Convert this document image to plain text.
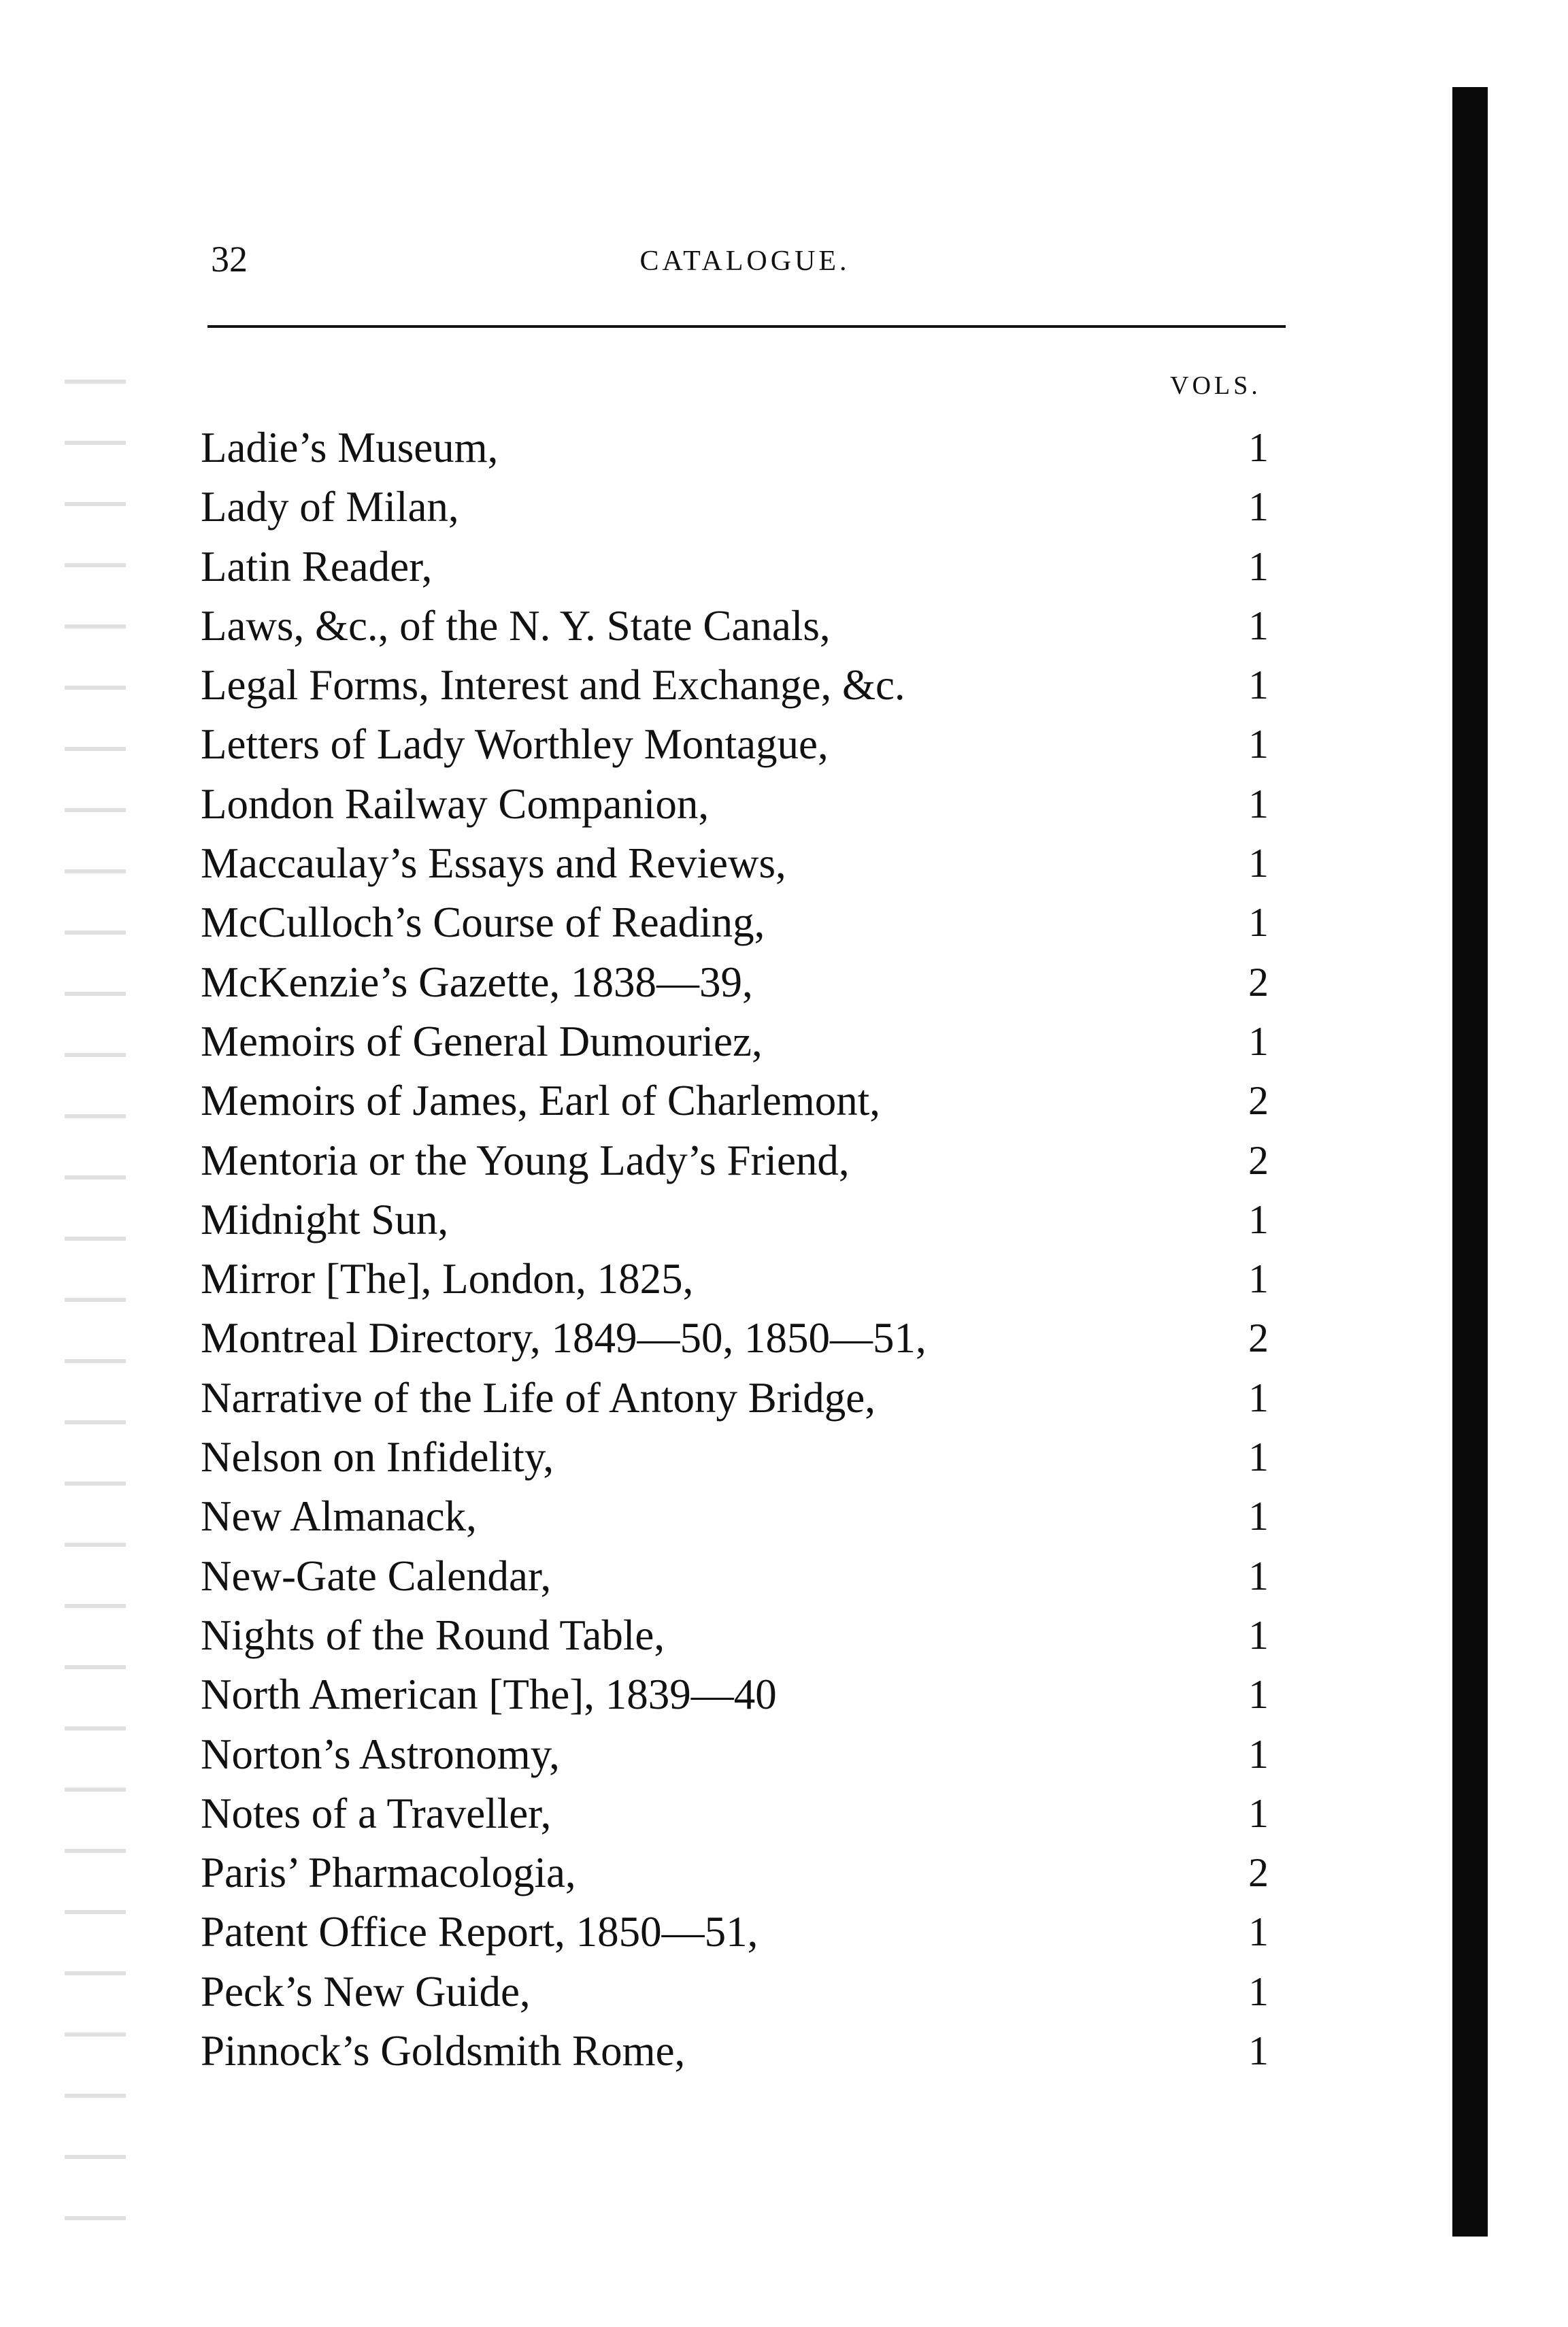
32	CATALOGUE.
VOLS.
Ladie’s Museum,	1
Lady of Milan,	1
Latin Reader,	1
Laws, &c., of the N. Y. State Canals,	1
Legal Forms, Interest and Exchange, &c.	1
Letters of Lady Worthley Montague,	1
London Railway Companion,	1
Maccaulay’s Essays and Reviews,	1
McCulloch’s Course of Reading,	1
McKenzie’s Gazette, 1838—39,	2
Memoirs of General Dumouriez,	1
Memoirs of James, Earl of Charlemont,	2
Mentoria or the Young Lady’s Friend,	2
Midnight Sun,	1
Mirror [The], London, 1825,	1
Montreal Directory, 1849—50, 1850—51,	2
Narrative of the Life of Antony Bridge,	1
Nelson on Infidelity,	1
New Almanack,	1
New-Gate Calendar,	1
Nights of the Round Table,	1
North American [The], 1839—40	1
Norton’s Astronomy,	1
Notes of a Traveller,	1
Paris’ Pharmacologia,	2
Patent Office Report, 1850—51,	1
Peck’s New Guide,	1
Pinnock’s Goldsmith Rome,	1
